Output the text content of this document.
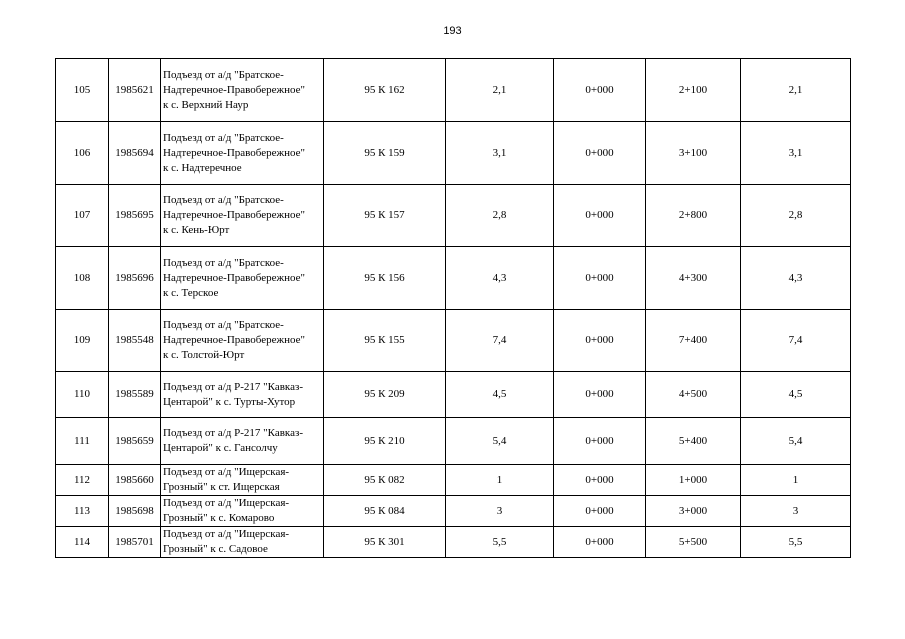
193
105	1985621	Подъезд от а/д "Братское-
Надтеречное-Правобережное"
к с. Верхний Наур	95 К 162	2,1	0+000	2+100	2,1

106	1985694	Подъезд от а/д "Братское-
Надтеречное-Правобережное"
к с. Надтеречное	95 К 159	3,1	0+000	3+100	3,1

107	1985695	Подъезд от а/д "Братское-
Надтеречное-Правобережное"
к с. Кень-Юрт	95 К 157	2,8	0+000	2+800	2,8

108	1985696	Подъезд от а/д "Братское-
Надтеречное-Правобережное"
к с. Терское	95 К 156	4,3	0+000	4+300	4,3

109	1985548	Подъезд от а/д "Братское-
Надтеречное-Правобережное"
к с. Толстой-Юрт	95 К 155	7,4	0+000	7+400	7,4

110	1985589	Подъезд от а/д Р-217 "Кавказ-
Центарой" к с. Турты-Хутор	95 К 209	4,5	0+000	4+500	4,5

111	1985659	Подъезд от а/д Р-217 "Кавказ-
Центарой" к с. Гансолчу	95 К 210	5,4	0+000	5+400	5,4

112	1985660	Подъезд от а/д "Ищерская-
Грозный" к ст. Ищерская	95 К 082	1	0+000	1+000	1

113	1985698	Подъезд от а/д "Ищерская-
Грозный" к с. Комарово	95 К 084	3	0+000	3+000	3

114	1985701	Подъезд от а/д "Ищерская-
Грозный" к с. Садовое	95 К 301	5,5	0+000	5+500	5,5
